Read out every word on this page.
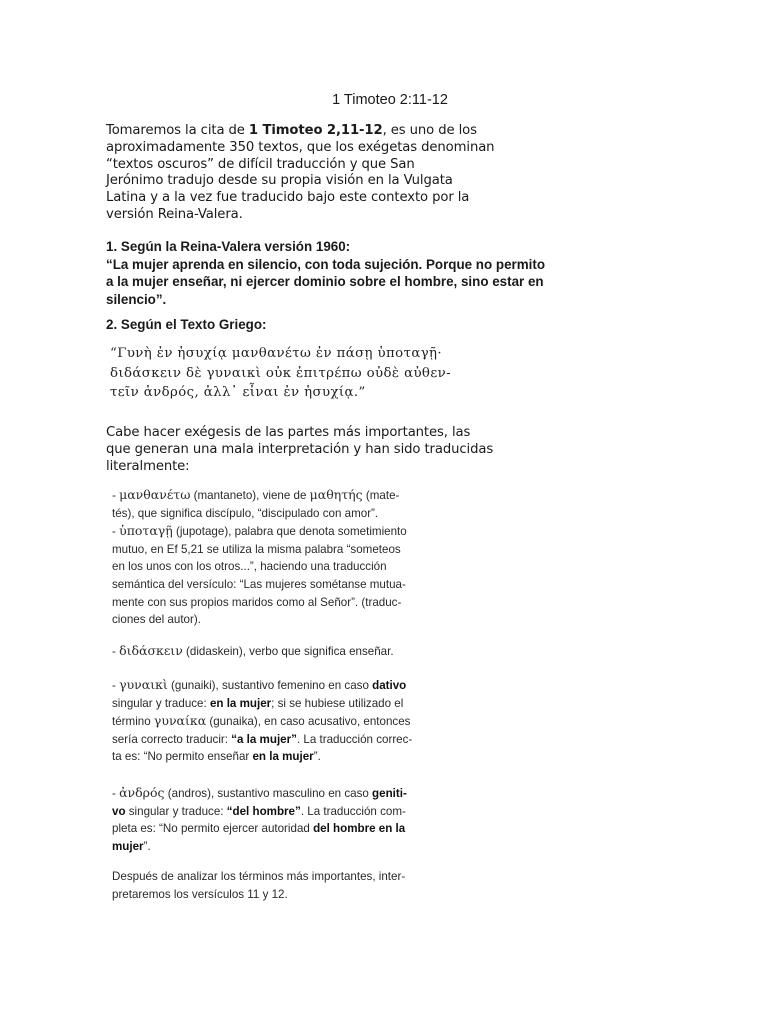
1 Timoteo 2:11-12
Tomaremos la cita de 1 Timoteo 2,11-12, es uno de los
aproximadamente 350 textos, que los exégetas denominan
“textos oscuros” de difícil traducción y que San
Jerónimo tradujo desde su propia visión en la Vulgata
Latina y a la vez fue traducido bajo este contexto por la
versión Reina-Valera.
1. Según la Reina-Valera versión 1960:
“La mujer aprenda en silencio, con toda sujeción. Porque no permito
a la mujer enseñar, ni ejercer dominio sobre el hombre, sino estar en
silencio”.
2. Según el Texto Griego:
“Γυνὴ ἐν ἡσυχίᾳ μανθανέτω ἐν πάσῃ ὑποταγῇ·
διδάσκειν δὲ γυναικὶ οὐκ ἐπιτρέπω οὐδὲ αὐθεν-
τεῖν ἀνδρός, ἀλλ᾽ εἶναι ἐν ἡσυχίᾳ.”
Cabe hacer exégesis de las partes más importantes, las
que generan una mala interpretación y han sido traducidas
literalmente:
- μανθανέτω (mantaneto), viene de μαθητής (mate-
tés), que significa discípulo, “discipulado con amor”.
- ὑποταγῇ (jupotage), palabra que denota sometimiento
mutuo, en Ef 5,21 se utiliza la misma palabra “someteos
en los unos con los otros...”, haciendo una traducción
semántica del versículo: “Las mujeres sométanse mutua-
mente con sus propios maridos como al Señor”. (traduc-
ciones del autor).
- διδάσκειν (didaskein), verbo que significa enseñar.
- γυναικὶ (gunaiki), sustantivo femenino en caso dativo
singular y traduce: en la mujer; si se hubiese utilizado el
término γυναίκα (gunaika), en caso acusativo, entonces
sería correcto traducir: “a la mujer”. La traducción correc-
ta es: “No permito enseñar en la mujer”.
- ἀνδρός (andros), sustantivo masculino en caso geniti-
vo singular y traduce: “del hombre”. La traducción com-
pleta es: “No permito ejercer autoridad del hombre en la
mujer”.
Después de analizar los términos más importantes, inter-
pretaremos los versículos 11 y 12.
